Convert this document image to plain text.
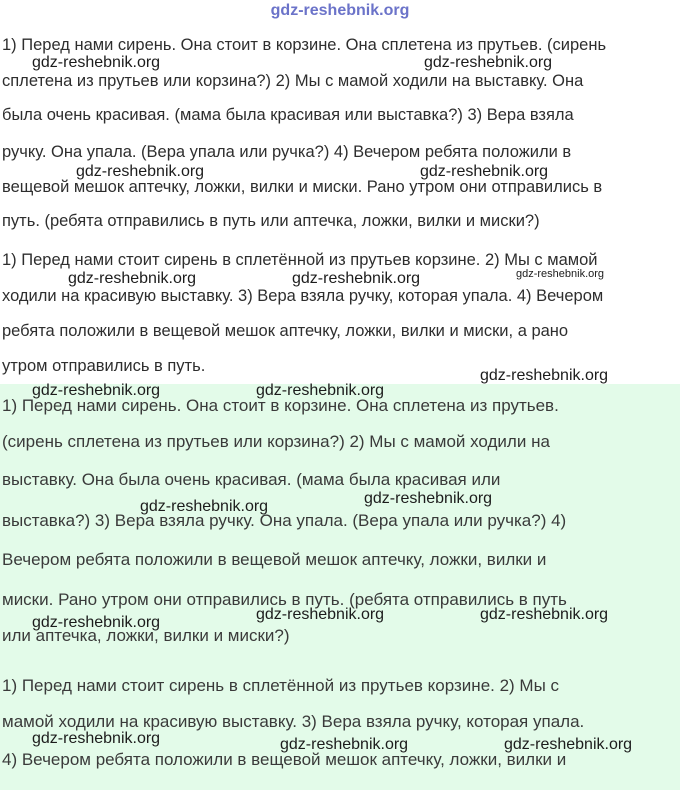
gdz-reshebnik.org
1) Перед нами сирень. Она стоит в корзине. Она сплетена из прутьев. (сирень
сплетена из прутьев или корзина?) 2) Мы с мамой ходили на выставку. Она
была очень красивая. (мама была красивая или выставка?) 3) Вера взяла
ручку. Она упала. (Вера упала или ручка?) 4) Вечером ребята положили в
вещевой мешок аптечку, ложки, вилки и миски. Рано утром они отправились в
путь. (ребята отправились в путь или аптечка, ложки, вилки и миски?)
1) Перед нами стоит сирень в сплетённой из прутьев корзине. 2) Мы с мамой
ходили на красивую выставку. 3) Вера взяла ручку, которая упала. 4) Вечером
ребята положили в вещевой мешок аптечку, ложки, вилки и миски, а рано
утром отправились в путь.
1) Перед нами сирень. Она стоит в корзине. Она сплетена из прутьев.
(сирень сплетена из прутьев или корзина?) 2) Мы с мамой ходили на
выставку. Она была очень красивая. (мама была красивая или
выставка?) 3) Вера взяла ручку. Она упала. (Вера упала или ручка?) 4)
Вечером ребята положили в вещевой мешок аптечку, ложки, вилки и
миски. Рано утром они отправились в путь. (ребята отправились в путь
или аптечка, ложки, вилки и миски?)
1) Перед нами стоит сирень в сплетённой из прутьев корзине. 2) Мы с
мамой ходили на красивую выставку. 3) Вера взяла ручку, которая упала.
4) Вечером ребята положили в вещевой мешок аптечку, ложки, вилки и
gdz-reshebnik.org	gdz-reshebnik.org
gdz-reshebnik.org	gdz-reshebnik.org
gdz-reshebnik.org	gdz-reshebnik.org	gdz-reshebnik.org
gdz-reshebnik.org
gdz-reshebnik.org	gdz-reshebnik.org
gdz-reshebnik.org
gdz-reshebnik.org
gdz-reshebnik.org	gdz-reshebnik.org
gdz-reshebnik.org
gdz-reshebnik.org	gdz-reshebnik.org	gdz-reshebnik.org
